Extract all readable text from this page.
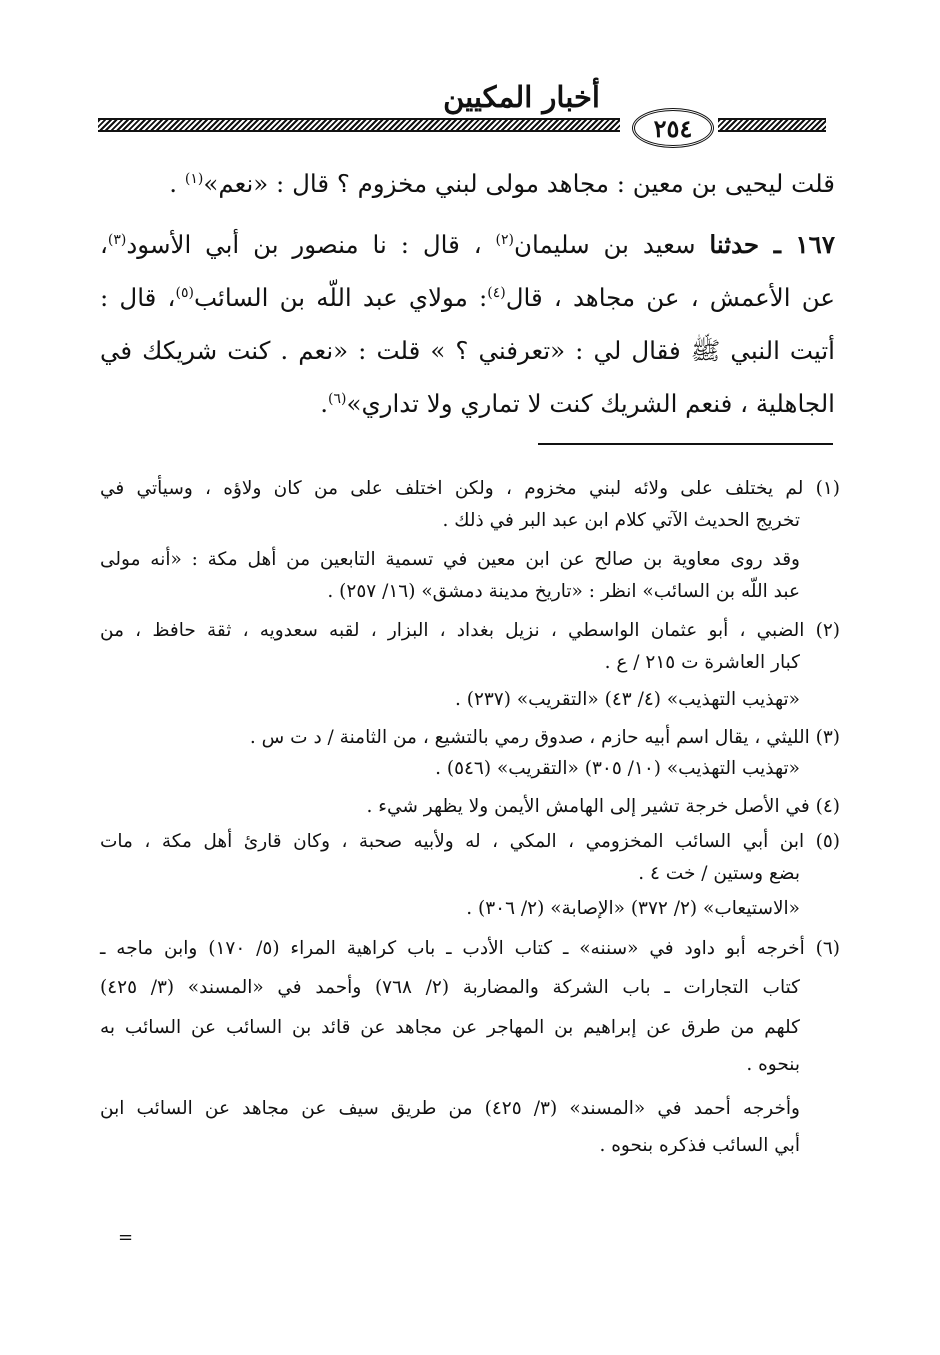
أخبار المكيين
٢٥٤
قلت ليحيى بن معين : مجاهد مولى لبني مخزوم ؟ قال : «نعم»$^{(١)}$ .
١٦٧ ـ حدثنا سعيد بن سليمان$^{(٢)}$ ، قال : نا منصور بن أبي الأسود$^{(٣)}$،
عن الأعمش ، عن مجاهد ، قال$^{(٤)}$: مولاي عبد اللّه بن السائب$^{(٥)}$، قال :
أتيت النبي ﷺ فقال لي : «تعرفني ؟ » قلت : «نعم . كنت شريكك في
الجاهلية ، فنعم الشريك كنت لا تماري ولا تداري»$^{(٦)}$.
(١) لم يختلف على ولائه لبني مخزوم ، ولكن اختلف على من كان ولاؤه ، وسيأتي في
تخريج الحديث الآتي كلام ابن عبد البر في ذلك .
وقد روى معاوية بن صالح عن ابن معين في تسمية التابعين من أهل مكة : «أنه مولى
عبد اللّه بن السائب» انظر : «تاريخ مدينة دمشق» (١٦/ ٢٥٧) .
(٢) الضبي ، أبو عثمان الواسطي ، نزيل بغداد ، البزار ، لقبه سعدويه ، ثقة حافظ ، من
كبار العاشرة ت ٢١٥ / ع .
«تهذيب التهذيب» (٤/ ٤٣) «التقريب» (٢٣٧) .
(٣) الليثي ، يقال اسم أبيه حازم ، صدوق رمي بالتشيع ، من الثامنة / د ت س .
«تهذيب التهذيب» (١٠/ ٣٠٥) «التقريب» (٥٤٦) .
(٤) في الأصل خرجة تشير إلى الهامش الأيمن ولا يظهر شيء .
(٥) ابن أبي السائب المخزومي ، المكي ، له ولأبيه صحبة ، وكان قارئ أهل مكة ، مات
بضع وستين / خت ٤ .
«الاستيعاب» (٢/ ٣٧٢) «الإصابة» (٢/ ٣٠٦) .
(٦) أخرجه أبو داود في «سننه» ـ كتاب الأدب ـ باب كراهية المراء (٥/ ١٧٠) وابن ماجه ـ
كتاب التجارات ـ باب الشركة والمضاربة (٢/ ٧٦٨) وأحمد في «المسند» (٣/ ٤٢٥)
كلهم من طرق عن إبراهيم بن المهاجر عن مجاهد عن قائد بن السائب عن السائب به
بنحوه .
وأخرجه أحمد في «المسند» (٣/ ٤٢٥) من طريق سيف عن مجاهد عن السائب ابن
أبي السائب فذكره بنحوه .
=
